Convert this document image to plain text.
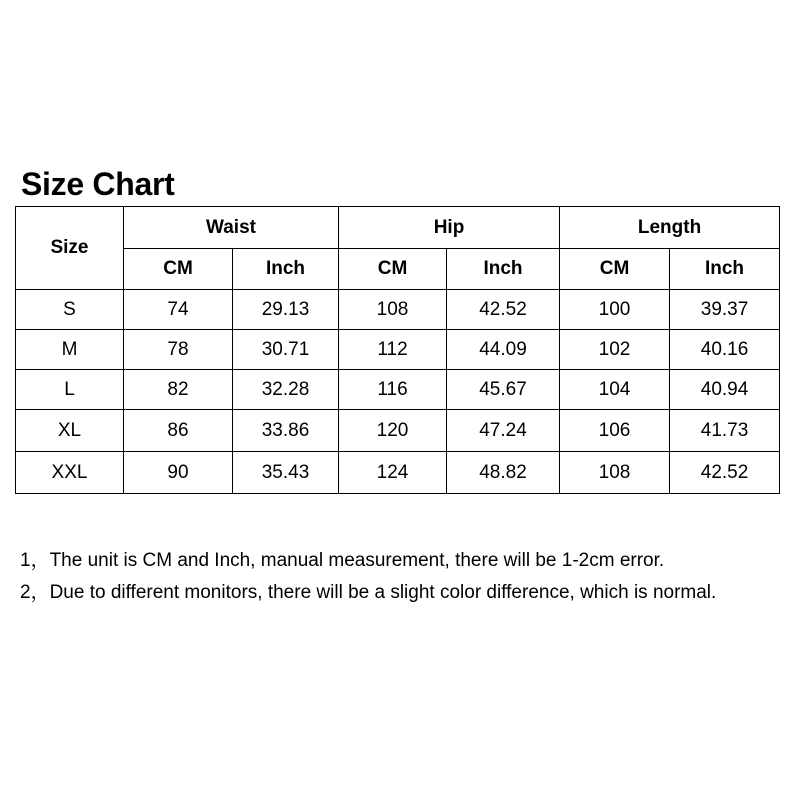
Size Chart
Size	Waist		Hip		Length	
	CM	Inch	CM	Inch	CM	Inch
S	74	29.13	108	42.52	100	39.37
M	78	30.71	112	44.09	102	40.16
L	82	32.28	116	45.67	104	40.94
XL	86	33.86	120	47.24	106	41.73
XXL	90	35.43	124	48.82	108	42.52
1，The unit is CM and Inch, manual measurement, there will be 1-2cm error.
2，Due to different monitors, there will be a slight color difference, which is normal.
